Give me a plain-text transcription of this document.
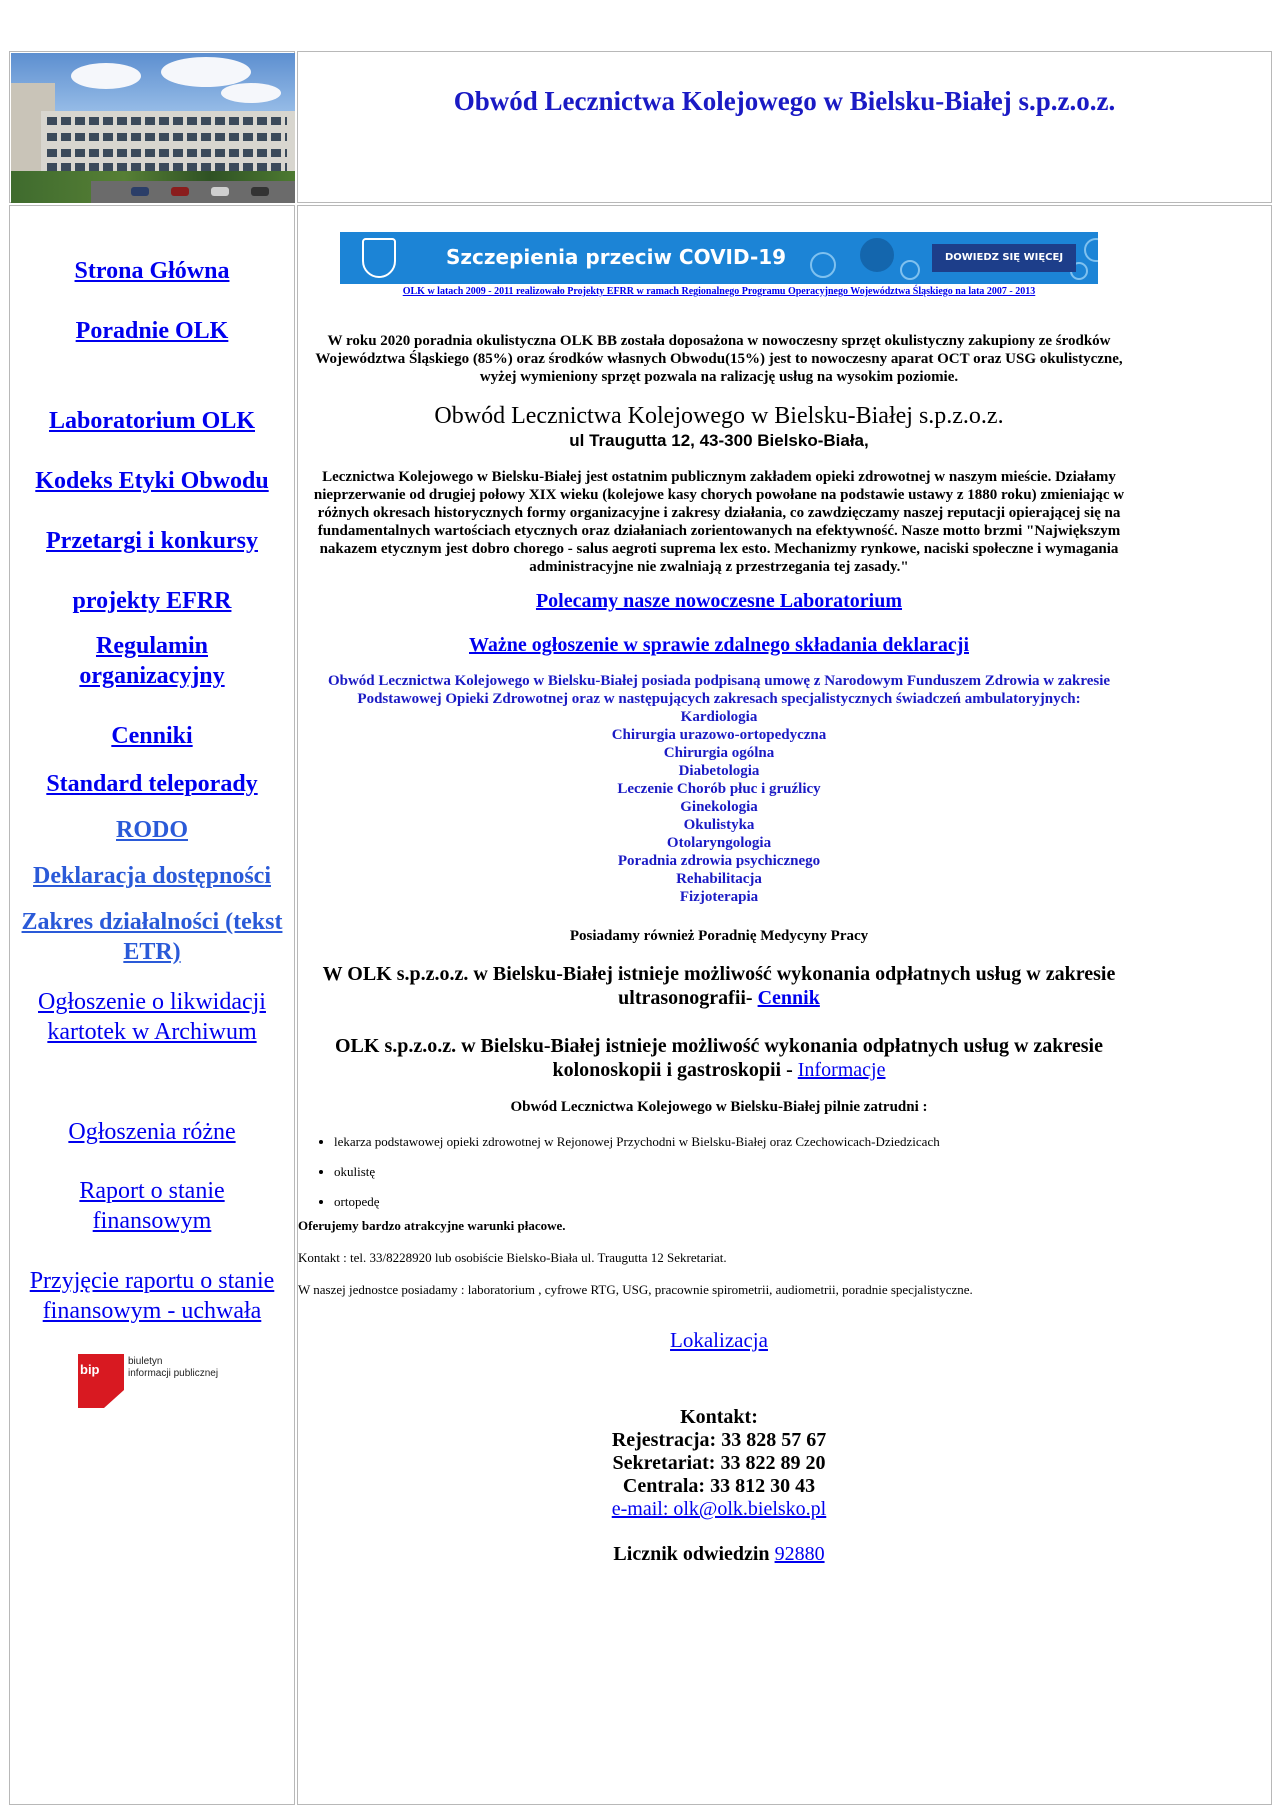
Obwód Lecznictwa Kolejowego w Bielsku-Białej s.p.z.o.z.
Strona Główna
Poradnie OLK
Laboratorium OLK
Kodeks Etyki Obwodu
Przetargi i konkursy
projekty EFRR
Regulamin organizacyjny
Cenniki
Standard teleporady
RODO
Deklaracja dostępności
Zakres działalności (tekst ETR)
Ogłoszenie o likwidacji kartotek w Archiwum
Ogłoszenia różne
Raport o stanie finansowym
Przyjęcie raportu o stanie finansowym - uchwała
bip
biuletyn
informacji publicznej
Szczepienia przeciw COVID-19	DOWIEDZ SIĘ WIĘCEJ
OLK w latach 2009 - 2011 realizowało Projekty EFRR w ramach Regionalnego Programu Operacyjnego Województwa Śląskiego na lata 2007 - 2013
W roku 2020 poradnia okulistyczna OLK BB została doposażona w nowoczesny sprzęt okulistyczny zakupiony ze środków Województwa Śląskiego (85%) oraz środków własnych Obwodu(15%) jest to nowoczesny aparat OCT oraz USG okulistyczne, wyżej wymieniony sprzęt pozwala na ralizację usług na wysokim poziomie.
Obwód Lecznictwa Kolejowego w Bielsku-Białej s.p.z.o.z.
ul Traugutta 12, 43-300 Bielsko-Biała,
Lecznictwa Kolejowego w Bielsku-Białej jest ostatnim publicznym zakładem opieki zdrowotnej w naszym mieście. Działamy nieprzerwanie od drugiej połowy XIX wieku (kolejowe kasy chorych powołane na podstawie ustawy z 1880 roku) zmieniając w różnych okresach historycznych formy organizacyjne i zakresy działania, co zawdzięczamy naszej reputacji opierającej się na fundamentalnych wartościach etycznych oraz działaniach zorientowanych na efektywność. Nasze motto brzmi "Największym nakazem etycznym jest dobro chorego - salus aegroti suprema lex esto. Mechanizmy rynkowe, naciski społeczne i wymagania administracyjne nie zwalniają z przestrzegania tej zasady."
Polecamy nasze nowoczesne Laboratorium
Ważne ogłoszenie w sprawie zdalnego składania deklaracji
Obwód Lecznictwa Kolejowego w Bielsku-Białej posiada podpisaną umowę z Narodowym Funduszem Zdrowia w zakresie Podstawowej Opieki Zdrowotnej oraz w następujących zakresach specjalistycznych świadczeń ambulatoryjnych:
Kardiologia
Chirurgia urazowo-ortopedyczna
Chirurgia ogólna
Diabetologia
Leczenie Chorób płuc i gruźlicy
Ginekologia
Okulistyka
Otolaryngologia
Poradnia zdrowia psychicznego
Rehabilitacja
Fizjoterapia
Posiadamy również Poradnię Medycyny Pracy
W OLK s.p.z.o.z. w Bielsku-Białej istnieje możliwość wykonania odpłatnych usług w zakresie ultrasonografii- Cennik
OLK s.p.z.o.z. w Bielsku-Białej istnieje możliwość wykonania odpłatnych usług w zakresie kolonoskopii i gastroskopii - Informacje
Obwód Lecznictwa Kolejowego w Bielsku-Białej pilnie zatrudni :
• lekarza podstawowej opieki zdrowotnej w Rejonowej Przychodni w Bielsku-Białej oraz Czechowicach-Dziedzicach
• okulistę
• ortopedę
Oferujemy bardzo atrakcyjne warunki płacowe.
Kontakt : tel. 33/8228920 lub osobiście Bielsko-Biała ul. Traugutta 12 Sekretariat.
W naszej jednostce posiadamy : laboratorium , cyfrowe RTG, USG, pracownie spirometrii, audiometrii, poradnie specjalistyczne.
Lokalizacja
Kontakt:
Rejestracja: 33 828 57 67
Sekretariat: 33 822 89 20
Centrala: 33 812 30 43
e-mail: olk@olk.bielsko.pl
Licznik odwiedzin 92880
